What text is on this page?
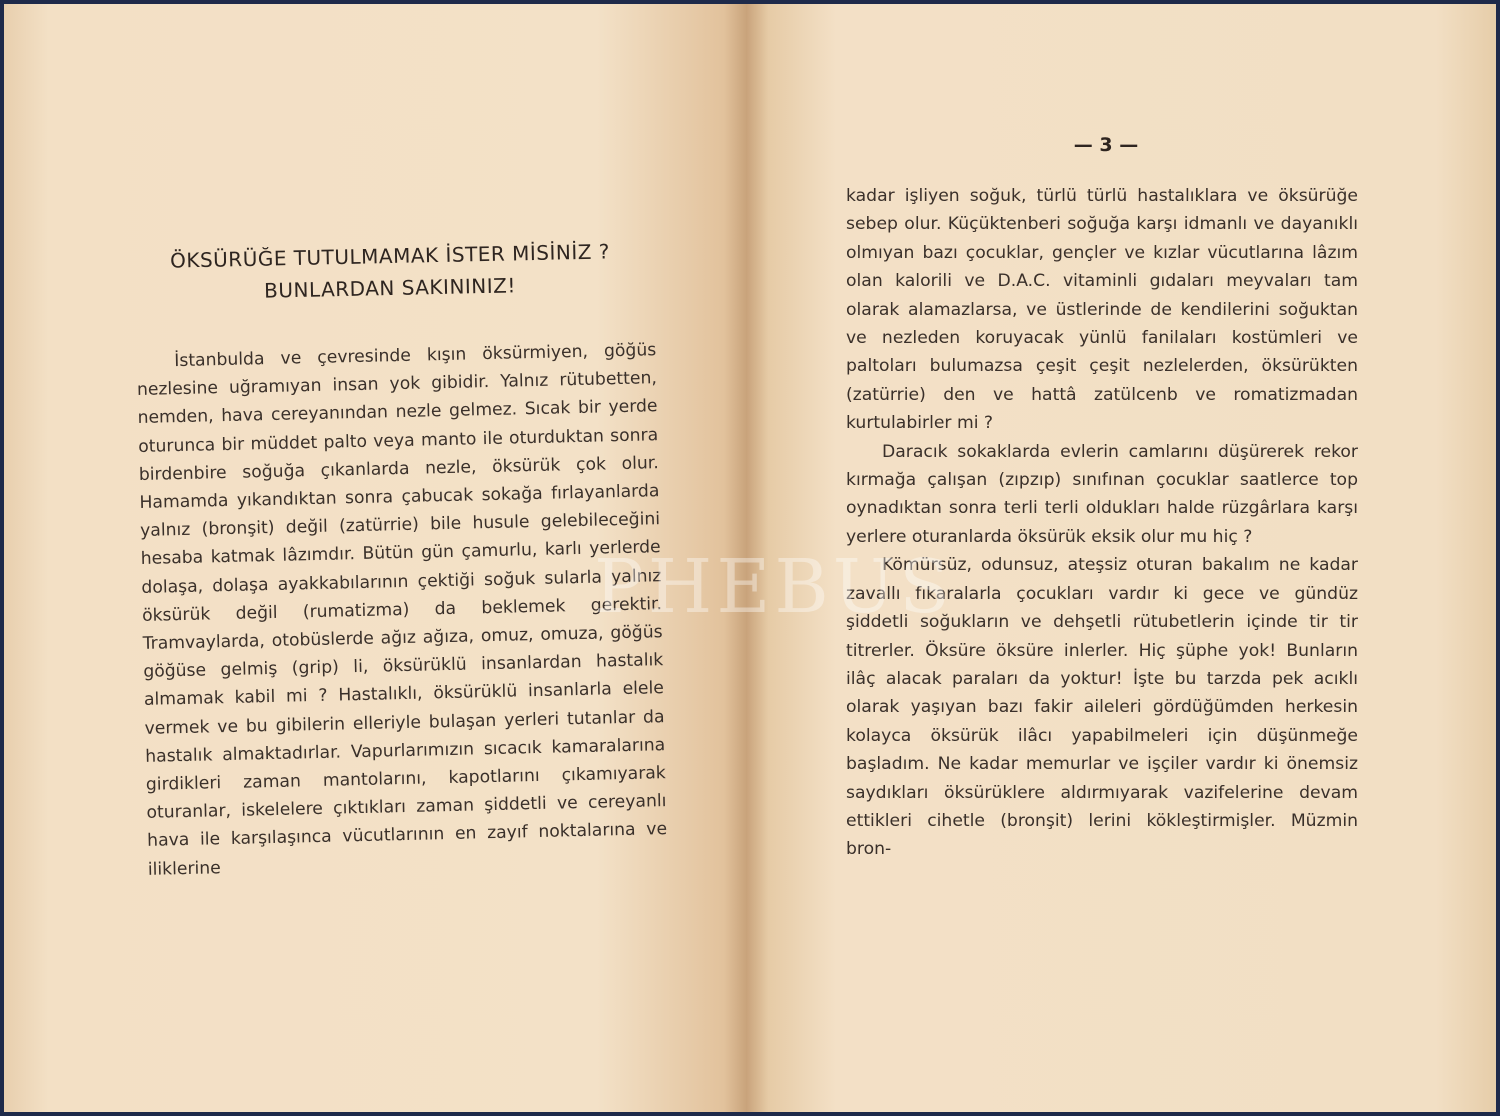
ÖKSÜRÜĞE TUTULMAMAK İSTER MİSİNİZ ?
BUNLARDAN SAKININIZ!
İstanbulda ve çevresinde kışın öksürmiyen, göğüs nezlesine uğramıyan insan yok gibidir. Yalnız rütubetten, nemden, hava cereyanından nezle gelmez. Sıcak bir yerde oturunca bir müddet palto veya manto ile oturduktan sonra birdenbire soğuğa çıkanlarda nezle, öksürük çok olur. Hamamda yıkandıktan sonra çabucak sokağa fırlayanlarda yalnız (bronşit) değil (zatürrie) bile husule gelebileceğini hesaba katmak lâzımdır. Bütün gün çamurlu, karlı yerlerde dolaşa, dolaşa ayakkabılarının çektiği soğuk sularla yalnız öksürük değil (rumatizma) da beklemek gerektir. Tramvaylarda, otobüslerde ağız ağıza, omuz, omuza, göğüs göğüse gelmiş (grip) li, öksürüklü insanlardan hastalık almamak kabil mi ? Hastalıklı, öksürüklü insanlarla elele vermek ve bu gibilerin elleriyle bulaşan yerleri tutanlar da hastalık almaktadırlar. Vapurlarımızın sıcacık kamaralarına girdikleri zaman mantolarını, kapotlarını çıkamıyarak oturanlar, iskelelere çıktıkları zaman şiddetli ve cereyanlı hava ile karşılaşınca vücutlarının en zayıf noktalarına ve iliklerine
— 3 —

kadar işliyen soğuk, türlü türlü hastalıklara ve öksürüğe sebep olur. Küçüktenberi soğuğa karşı idmanlı ve dayanıklı olmıyan bazı çocuklar, gençler ve kızlar vücutlarına lâzım olan kalorili ve D.A.C. vitaminli gıdaları meyvaları tam olarak alamazlarsa, ve üstlerinde de kendilerini soğuktan ve nezleden koruyacak yünlü fanilaları kostümleri ve paltoları bulumazsa çeşit çeşit nezlelerden, öksürükten (zatürrie) den ve hattâ zatülcenb ve romatizmadan kurtulabirler mi ?

Daracık sokaklarda evlerin camlarını düşürerek rekor kırmağa çalışan (zıpzıp) sınıfınan çocuklar saatlerce top oynadıktan sonra terli terli oldukları halde rüzgârlara karşı yerlere oturanlarda öksürük eksik olur mu hiç ?

Kömürsüz, odunsuz, ateşsiz oturan bakalım ne kadar zavallı fıkaralarla çocukları vardır ki gece ve gündüz şiddetli soğukların ve dehşetli rütubetlerin içinde tir tir titrerler. Öksüre öksüre inlerler. Hiç şüphe yok! Bunların ilâç alacak paraları da yoktur! İşte bu tarzda pek acıklı olarak yaşıyan bazı fakir aileleri gördüğümden herkesin kolayca öksürük ilâcı yapabilmeleri için düşünmeğe başladım. Ne kadar memurlar ve işçiler vardır ki önemsiz saydıkları öksürüklere aldırmıyarak vazifelerine devam ettikleri cihetle (bronşit) lerini kökleştirmişler. Müzmin bron-

PHEBUS
